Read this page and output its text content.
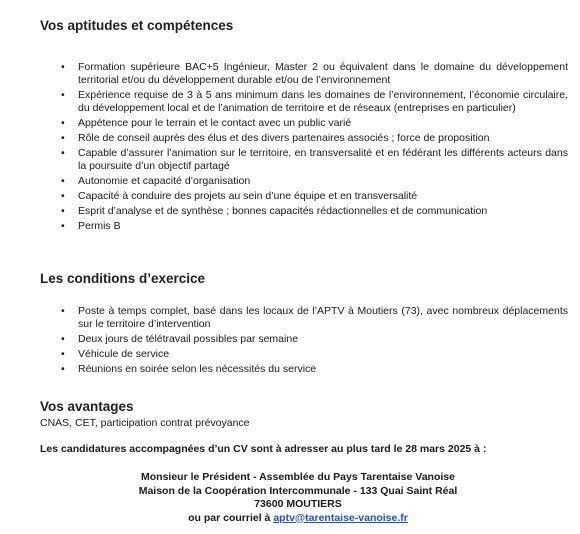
Vos aptitudes et compétences
• Formation supérieure BAC+5 Ingénieur, Master 2 ou équivalent dans le domaine du développement territorial et/ou du développement durable et/ou de l’environnement
• Expérience requise de 3 à 5 ans minimum dans les domaines de l’environnement, l’économie circulaire, du développement local et de l’animation de territoire et de réseaux (entreprises en particulier)
• Appétence pour le terrain et le contact avec un public varié
• Rôle de conseil auprès des élus et des divers partenaires associés ; force de proposition
• Capable d’assurer l’animation sur le territoire, en transversalité et en fédérant les différents acteurs dans la poursuite d’un objectif partagé
• Autonomie et capacité d’organisation
• Capacité à conduire des projets au sein d’une équipe et en transversalité
• Esprit d’analyse et de synthèse ; bonnes capacités rédactionnelles et de communication
• Permis B
Les conditions d’exercice
• Poste à temps complet, basé dans les locaux de l’APTV à Moutiers (73), avec nombreux déplacements sur le territoire d’intervention
• Deux jours de télétravail possibles par semaine
• Véhicule de service
• Réunions en soirée selon les nécessités du service
Vos avantages

CNAS, CET, participation contrat prévoyance

Les candidatures accompagnées d’un CV sont à adresser au plus tard le 28 mars 2025 à :

Monsieur le Président - Assemblée du Pays Tarentaise Vanoise
Maison de la Coopération Intercommunale - 133 Quai Saint Réal
73600 MOUTIERS
ou par courriel à aptv@tarentaise-vanoise.fr
